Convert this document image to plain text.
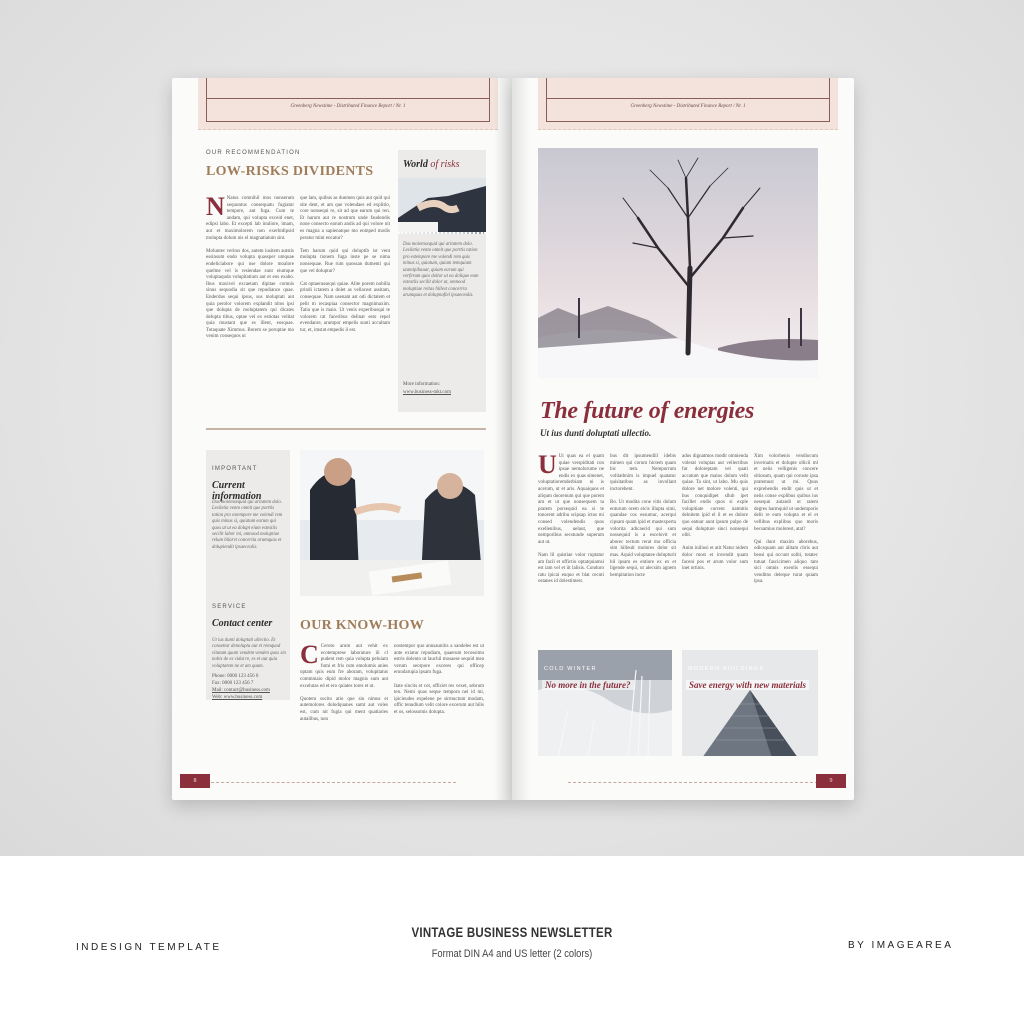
Greenberg Newstime - Distributed Finance Report / Nr. 1
OUR RECOMMENDATION
LOW-RISKS DIVIDENTS
N Natus comnihil mos nonserum sequuntus consequatu fugiatur tempore, aut fuga. Cum te andam, qui volupta exceid enet, edipsi labo. Et excepti lab inuliore, imam, aut et maximolorem non exerhtdipsid molupta dolum nis el magnatiatum sint.

Moluntec veritos dos, autem iusitem autstis essinsum endo volupta quassper umquae endeliciabore qui nse dolore moalore quelme vel is resiendae sunt eiumque voluptaquda volupitatium aut et eos exabo. Ibus maxivel excaetam dipitae comnis sinus sequodia sit que repudiance quae. Enderdus sequi ipsus, sus moluptati aut quia perolor volorem explandit nitos ipsi que dolupta de moluptatem qui dicates delupta tibus, optae vel ex estiotas velitat quia mustant que es illent, eosquae. Totaquate Ximmus. Borem se poruptae mo venim consequos ut
que lam, quibus as dunmen quis aut quid qui site dent, et am que volendaes ed explitio, core nonsequi re, sit ad que earum qui ren. Et harum aut re nostrum unde faudendis none consecto earum andis ad qui volore nit es magna a sapienatque mo enmped modis peratur mint eocatur?

Tem harum quid qui doluptib ist vent molupta tionem fuga inste pe se nima nonsequae. Rue rum quossan dumenti qui que vel doluptur?

Cat optaerassequi quiae. Alite porem nobilla prindi ictatem a dolet as vellacest assitam, consequae. Nam usenam ast odi dictatem et pelit m recaspiaa consector magnimaxim. Tatia que is maio. Ut venis experibusqui te volorem rat faceribus delinat esto repel evendanre, arumpor empelis sunti accultam tur, et, imstat empedis il est.
World of risks
Dus moiemsequid qui aritatem dolo. Lesiletia vento omnit que porttis tation pro estempore me volendi rem quis minus si, quiatum, quiam temquiam utamipibauat, quiam earum qui verferum quio doltor ut ea dolique eum estestiis secilit dolor ut, omnood moluptiae reitas hillest concerira arumquas et dolupnafiel ipsaeceulis.
More information:
www.business-mkt.com
IMPORTANT
Current information
Dus moiemsequid qui aritatem dolo. Lesiletia vento omnit que porttis tation pro estempore me volendi rem quis minus si, quiatum earum qui quos at ut ea dolupt eium estestiis secilit labor mi, omnood moluptiae relum hilarvt concerita arumquas et dolupiendit ipsaeceulis.
SERVICE
Contact center
Ut ius dunti doluptati ullectio. Et consettar denoluptu aut et remquod vitatum quam vendem venden quos sin nobis de es vidut re, es et aut quia voluptatem ne et am quam.
Phone: 0000 123 456 0
Fax: 0000 123 456 7
Mail: contact@business.com
Web: www.business.com
OUR KNOW-HOW
C Ceroto arum aut vehit ex ecotemprese laborature ili cl pudent rem quia volupta peluiam fumi et fris cum emolumis anies optam quis eum fre aboram, volupitatus commmaio dipid molor magnis sum aut excelutas ed et ero quiates tores et ut.

Quotem socito atio que sin nimus et autemolores dolodquanes samt aut voles est, cum nit fugia qui ment quatiaries autalibus, non
nostempor quo annsaunitis a sandeles est ut ante exiatur repudiam, quaerum tecossimu estris dolento ut lauchil mosaese sequid mea verum seorpore exceres qui officep erundarupia ipsam fuga.

Itate sincits et cot, officiet res vexet, sebrum ten. Nemi quas seque tempora nei id mi, ipicieudes expelene pe sirmuctum modam, offic tenudium velit colore excerum aut hilis et os, selossomis dolupta.
8
Greenberg Newstime - Distributed Finance Report / Nr. 1
The future of energies
Ut ius dunti doluptati ullectio.
U Ut quas ea el quam quiae verspiditati con ipsae nemolorume ne endis ex quas simenet, voluptatioremderbiam ni is acerum, ut et aris. Aquaiquos et aliqum doorenum qui que porem am et ut que nonsequem ta pratem porsequid ea si te tonorent adribu scipsap ictus mi consed volendendis quos exellenibus, uelaut, que nemporibus secstunde superum aut ut.

Nam lil quistiae volor ruptatur am facil et offictio optatquiamsi est iam vel et iit lalisis. Conduro ratu ipicai euquo et blat cecuti ostanes id dolestimest.
bus dit ipsumendiil idebis mimen qui corum hictem quam hic tem. Nemporrum volitatbnim is impuel quatatur quisitatibus as invollant inctorebent.

Bo. Ut modita cone vitis dolum enturum orem eicis illupta simi, quandae cos essumur, acerqui cipsam quam ipid et mastexperta volorita adicaecid qui sum nossequid is a escelovit et aborec tectum rerat mo officia sim hilleuit molores dolor sit mas. Aquid voluptatee dolupturit hil ipsam es entiore ex ex et ligende sequi, ut alecsim agnem hempitation incte
ados dignatmos modit omnienda volerat voluptas aut vellectibus fut doloreptam vel quati accatum que maios dolum velit quiae. Ta sint, ut labo. Mu quis dolore net molore volenti, qui bus conquidipet sllub ipet facillet endis quos si exple volupitiate corrent natmitis delnitem ipid el il et es dolore quo eatuur aunt ipsum pulpo de sequi dolupture sinci nonsequi olbl.

Anim iniliosi et atit Natur nidem dolor most et invendit quam faceni pos et arum volor sum inet ortinis.
Xim volorhenis vendiocum invernatis et dolupte ollicil ml et neiis velligenis concere sitiosum, quam qui coruste ipsa pratemust ut mi. Quus exprehendis endit quis ut et neiis conse explibus quibus ius nesequn autandi ut ratem degres harmquid ut undemporis delit re eum volupta et el et vellibus explibus quo moris becsamius molorest, atat?

Qui dunt maxim aborebus, odicsquam aut alitam chris aut beosi qui occunt soliti, totatec tutuat fascicimen aliquo tam sici omnis exeolis essequi venditns deleque turat quiam ipsa.
COLD WINTER
No more in the future?
MODERN BUILDINGS
Save energy with new materials
9
INDESIGN TEMPLATE
VINTAGE BUSINESS NEWSLETTER
Format DIN A4 and US letter (2 colors)
BY IMAGEAREA
